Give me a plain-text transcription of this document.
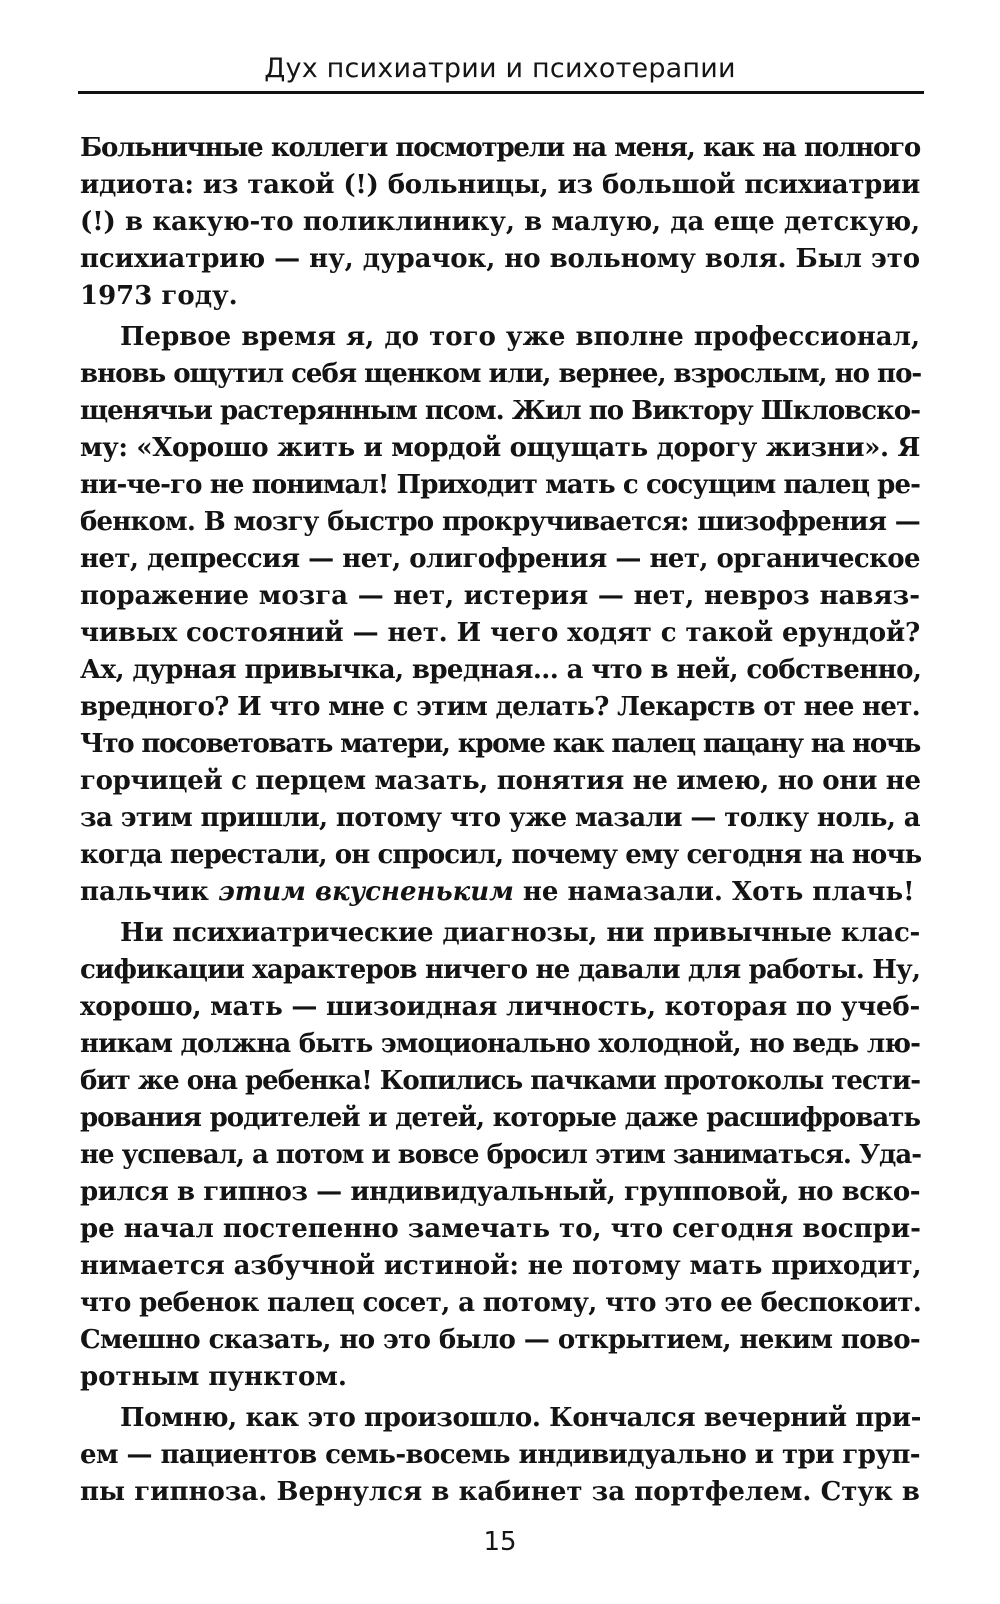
Дух психиатрии и психотерапии
Больничные коллеги посмотрели на меня, как на полного
идиота: из такой (!) больницы, из большой психиатрии
(!) в какую-то поликлинику, в малую, да еще детскую,
психиатрию — ну, дурачок, но вольному воля. Был это
1973 году.
Первое время я, до того уже вполне профессионал,
вновь ощутил себя щенком или, вернее, взрослым, но по-
щенячьи растерянным псом. Жил по Виктору Шкловско-
му: «Хорошо жить и мордой ощущать дорогу жизни». Я
ни-че-го не понимал! Приходит мать с сосущим палец ре-
бенком. В мозгу быстро прокручивается: шизофрения —
нет, депрессия — нет, олигофрения — нет, органическое
поражение мозга — нет, истерия — нет, невроз навяз-
чивых состояний — нет. И чего ходят с такой ерундой?
Ах, дурная привычка, вредная... а что в ней, собственно,
вредного? И что мне с этим делать? Лекарств от нее нет.
Что посоветовать матери, кроме как палец пацану на ночь
горчицей с перцем мазать, понятия не имею, но они не
за этим пришли, потому что уже мазали — толку ноль, а
когда перестали, он спросил, почему ему сегодня на ночь
пальчик этим вкусненьким не намазали. Хоть плачь!
Ни психиатрические диагнозы, ни привычные клас-
сификации характеров ничего не давали для работы. Ну,
хорошо, мать — шизоидная личность, которая по учеб-
никам должна быть эмоционально холодной, но ведь лю-
бит же она ребенка! Копились пачками протоколы тести-
рования родителей и детей, которые даже расшифровать
не успевал, а потом и вовсе бросил этим заниматься. Уда-
рился в гипноз — индивидуальный, групповой, но вско-
ре начал постепенно замечать то, что сегодня воспри-
нимается азбучной истиной: не потому мать приходит,
что ребенок палец сосет, а потому, что это ее беспокоит.
Смешно сказать, но это было — открытием, неким пово-
ротным пунктом.
Помню, как это произошло. Кончался вечерний при-
ем — пациентов семь-восемь индивидуально и три груп-
пы гипноза. Вернулся в кабинет за портфелем. Стук в
15
